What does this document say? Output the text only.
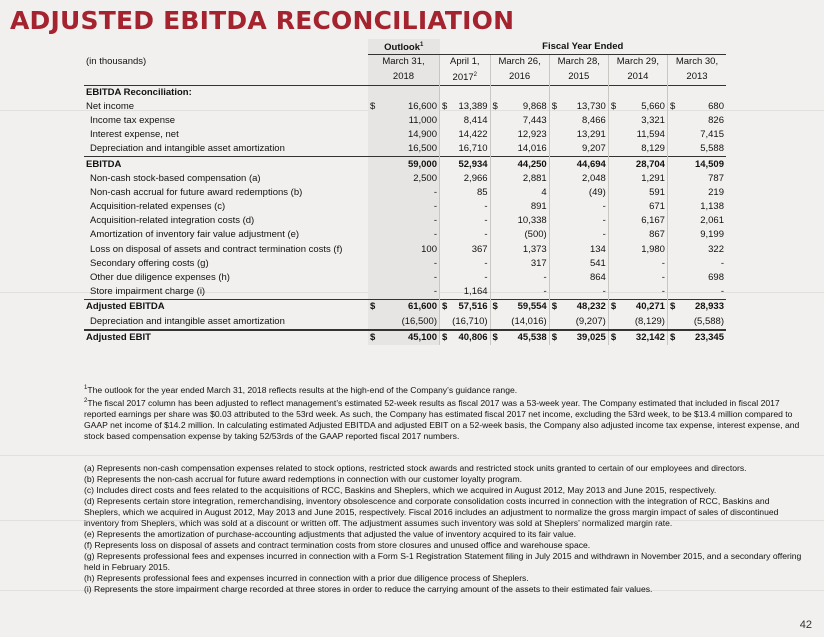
ADJUSTED EBITDA RECONCILIATION
	Outlook$^1$	Fiscal Year Ended				
(in thousands)	March 31,	April 1,	March 26,	March 28,	March 29,	March 30,
	2018	2017$^2$	2016	2015	2014	2013
EBITDA Reconciliation:						
Net income	$ 16,600	$ 13,389	$ 9,868	$ 13,730	$ 5,660	$ 680
Income tax expense	11,000	8,414	7,443	8,466	3,321	826
Interest expense, net	14,900	14,422	12,923	13,291	11,594	7,415
Depreciation and intangible asset amortization	16,500	16,710	14,016	9,207	8,129	5,588
EBITDA	59,000	52,934	44,250	44,694	28,704	14,509
Non-cash stock-based compensation (a)	2,500	2,966	2,881	2,048	1,291	787
Non-cash accrual for future award redemptions (b)	-	85	4	(49)	591	219
Acquisition-related expenses (c)	-	-	891	-	671	1,138
Acquisition-related integration costs (d)	-	-	10,338	-	6,167	2,061
Amortization of inventory fair value adjustment (e)	-	-	(500)	-	867	9,199
Loss on disposal of assets and contract termination costs (f)	100	367	1,373	134	1,980	322
Secondary offering costs (g)	-	-	317	541	-	-
Other due diligence expenses (h)	-	-	-	864	-	698
Store impairment charge (i)	-	1,164	-	-	-	-
Adjusted EBITDA	$ 61,600	$ 57,516	$ 59,554	$ 48,232	$ 40,271	$ 28,933
Depreciation and intangible asset amortization	(16,500)	(16,710)	(14,016)	(9,207)	(8,129)	(5,588)
Adjusted EBIT	$ 45,100	$ 40,806	$ 45,538	$ 39,025	$ 32,142	$ 23,345

$^1$The outlook for the year ended March 31, 2018 reflects results at the high-end of the Company’s guidance range.

$^2$The fiscal 2017 column has been adjusted to reflect management’s estimated 52-week results as fiscal 2017 was a 53-week year. The Company estimated that included in fiscal 2017 reported earnings per share was $0.03 attributed to the 53rd week. As such, the Company has estimated fiscal 2017 net income, excluding the 53rd week, to be $13.4 million compared to GAAP net income of $14.2 million. In calculating estimated Adjusted EBITDA and adjusted EBIT on a 52-week basis, the Company also adjusted income tax expense, interest expense, and stock based compensation expense by taking 52/53rds of the GAAP reported fiscal 2017 numbers.

(a) Represents non-cash compensation expenses related to stock options, restricted stock awards and restricted stock units granted to certain of our employees and directors.

(b) Represents the non-cash accrual for future award redemptions in connection with our customer loyalty program.

(c) Includes direct costs and fees related to the acquisitions of RCC, Baskins and Sheplers, which we acquired in August 2012, May 2013 and June 2015, respectively.

(d) Represents certain store integration, remerchandising, inventory obsolescence and corporate consolidation costs incurred in connection with the integration of RCC, Baskins and Sheplers, which we acquired in August 2012, May 2013 and June 2015, respectively. Fiscal 2016 includes an adjustment to normalize the gross margin impact of sales of discontinued inventory from Sheplers, which was sold at a discount or written off. The adjustment assumes such inventory was sold at Sheplers’ normalized margin rate.

(e) Represents the amortization of purchase-accounting adjustments that adjusted the value of inventory acquired to its fair value.

(f) Represents loss on disposal of assets and contract termination costs from store closures and unused office and warehouse space.

(g) Represents professional fees and expenses incurred in connection with a Form S-1 Registration Statement filing in July 2015 and withdrawn in November 2015, and a secondary offering held in February 2015.

(h) Represents professional fees and expenses incurred in connection with a prior due diligence process of Sheplers.

(i) Represents the store impairment charge recorded at three stores in order to reduce the carrying amount of the assets to their estimated fair values.

42
